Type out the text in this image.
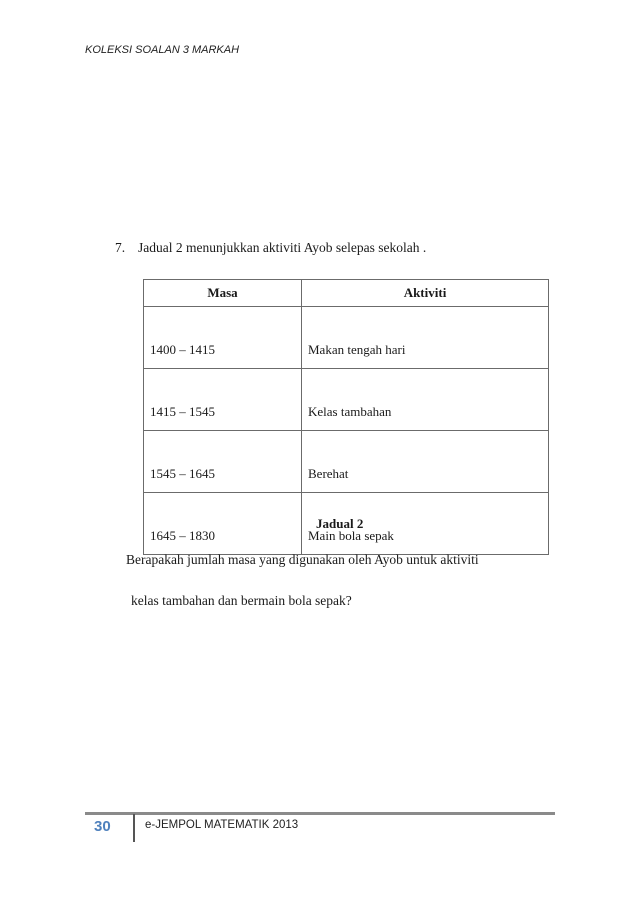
KOLEKSI SOALAN 3 MARKAH
7. Jadual 2 menunjukkan aktiviti Ayob selepas sekolah .
Masa	Aktiviti
1400 – 1415	Makan tengah hari
1415 – 1545	Kelas tambahan
1545 – 1645	Berehat
1645 – 1830	Main bola sepak
Jadual 2
Berapakah jumlah masa yang digunakan oleh Ayob untuk aktiviti
kelas tambahan dan bermain bola sepak?
30	e-JEMPOL MATEMATIK 2013
